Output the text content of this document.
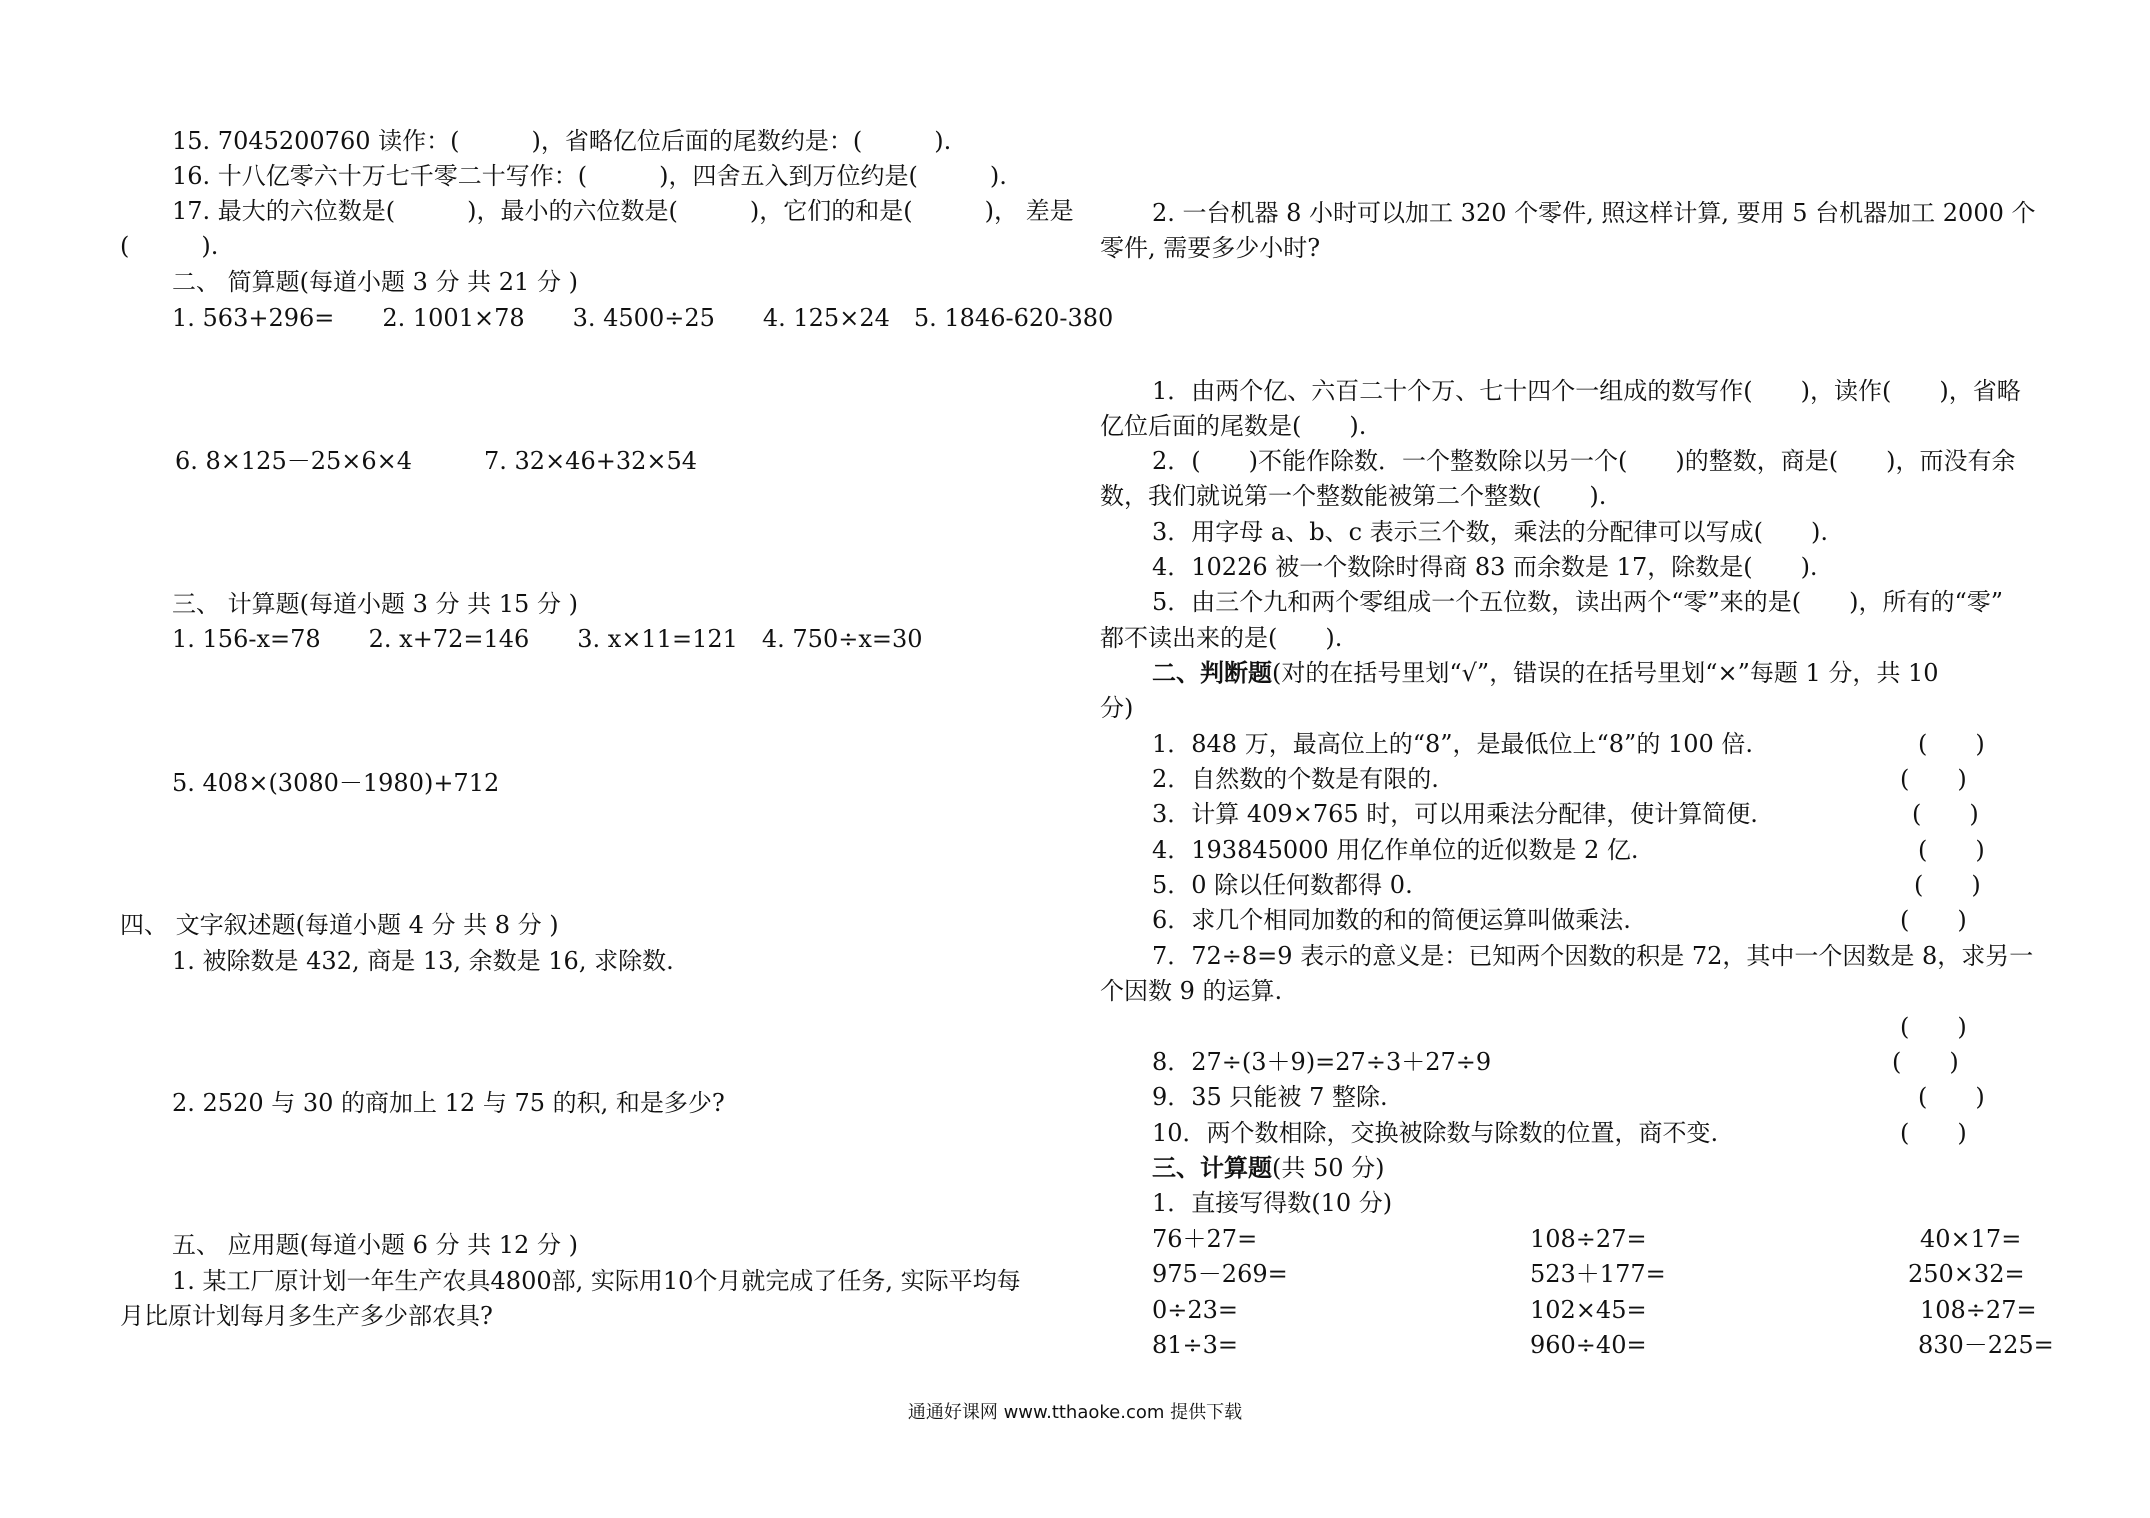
15. 7045200760 读作：(　　　)，省略亿位后面的尾数约是：(　　　).
16. 十八亿零六十万七千零二十写作：(　　　)，四舍五入到万位约是(　　　).
17. 最大的六位数是(　　　)，最小的六位数是(　　　)，它们的和是(　　　)， 差是
(　　　).
二、 简算题(每道小题 3 分 共 21 分 )
1. 563+296=　　2. 1001×78　　3. 4500÷25　　4. 125×24　5. 1846-620-380
6. 8×125－25×6×4　　　7. 32×46+32×54
三、 计算题(每道小题 3 分 共 15 分 )
1. 156-x=78　　2. x+72=146　　3. x×11=121　4. 750÷x=30
5. 408×(3080－1980)+712
四、 文字叙述题(每道小题 4 分 共 8 分 )
1. 被除数是 432, 商是 13, 余数是 16, 求除数.
2. 2520 与 30 的商加上 12 与 75 的积, 和是多少?
五、 应用题(每道小题 6 分 共 12 分 )
1. 某工厂原计划一年生产农具4800部, 实际用10个月就完成了任务, 实际平均每
月比原计划每月多生产多少部农具?
2. 一台机器 8 小时可以加工 320 个零件, 照这样计算, 要用 5 台机器加工 2000 个
零件, 需要多少小时?
1．由两个亿、六百二十个万、七十四个一组成的数写作(　　)，读作(　　)，省略
亿位后面的尾数是(　　).
2．(　　)不能作除数．一个整数除以另一个(　　)的整数，商是(　　)，而没有余
数，我们就说第一个整数能被第二个整数(　　).
3．用字母 a、b、c 表示三个数，乘法的分配律可以写成(　　).
4．10226 被一个数除时得商 83 而余数是 17，除数是(　　).
5．由三个九和两个零组成一个五位数，读出两个“零”来的是(　　)，所有的“零”
都不读出来的是(　　).
二、判断题(对的在括号里划“√”，错误的在括号里划“×”每题 1 分，共 10
分)
1．848 万，最高位上的“8”，是最低位上“8”的 100 倍.	(　　)
2．自然数的个数是有限的.	(　　)
3．计算 409×765 时，可以用乘法分配律，使计算简便.	(　　)
4．193845000 用亿作单位的近似数是 2 亿.	(　　)
5．0 除以任何数都得 0.	(　　)
6．求几个相同加数的和的简便运算叫做乘法.	(　　)
7．72÷8=9 表示的意义是：已知两个因数的积是 72，其中一个因数是 8，求另一
个因数 9 的运算.
(　　)
8．27÷(3＋9)=27÷3＋27÷9	(　　)
9．35 只能被 7 整除.	(　　)
10．两个数相除，交换被除数与除数的位置，商不变.	(　　)
三、计算题(共 50 分)
1．直接写得数(10 分)
76＋27=	108÷27=	40×17=
975－269=	523＋177=	250×32=
0÷23=	102×45=	108÷27=
81÷3=	960÷40=	830－225=
通通好课网 www.tthaoke.com 提供下载
